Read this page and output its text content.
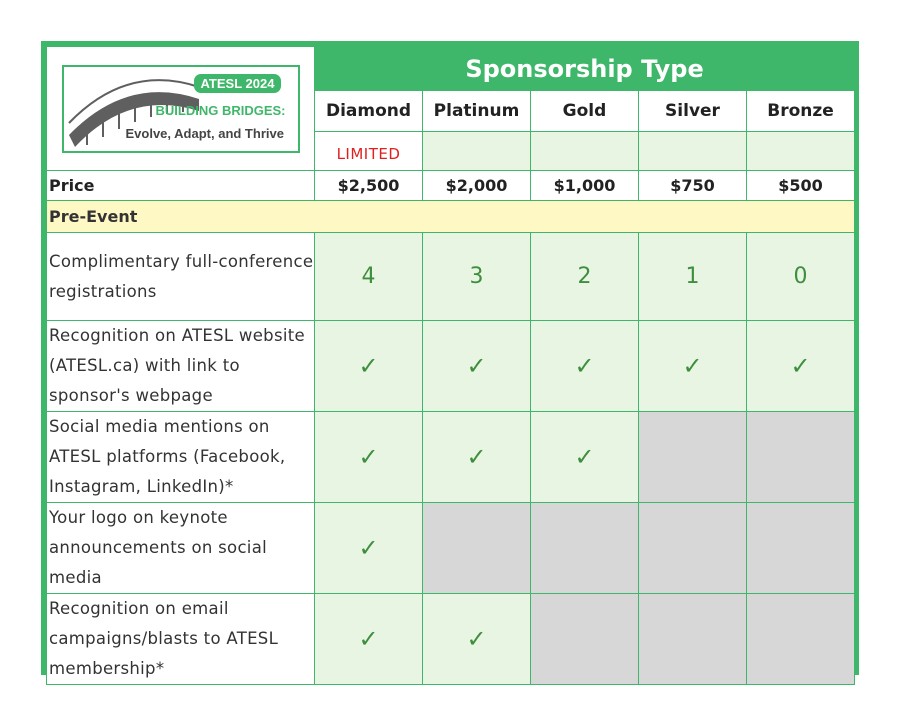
ATESL 2024
BUILDING BRIDGES:
Evolve, Adapt, and Thrive	Sponsorship Type				
	Diamond	Platinum	Gold	Silver	Bronze
	LIMITED				
Price	$2,500	$2,000	$1,000	$750	$500
Pre-Event					
Complimentary full-conference registrations	4	3	2	1	0
Recognition on ATESL website (ATESL.ca) with link to sponsor's webpage	✓	✓	✓	✓	✓
Social media mentions on ATESL platforms (Facebook, Instagram, LinkedIn)*	✓	✓	✓		
Your logo on keynote announcements on social media	✓				
Recognition on email campaigns/blasts to ATESL membership*	✓	✓			
